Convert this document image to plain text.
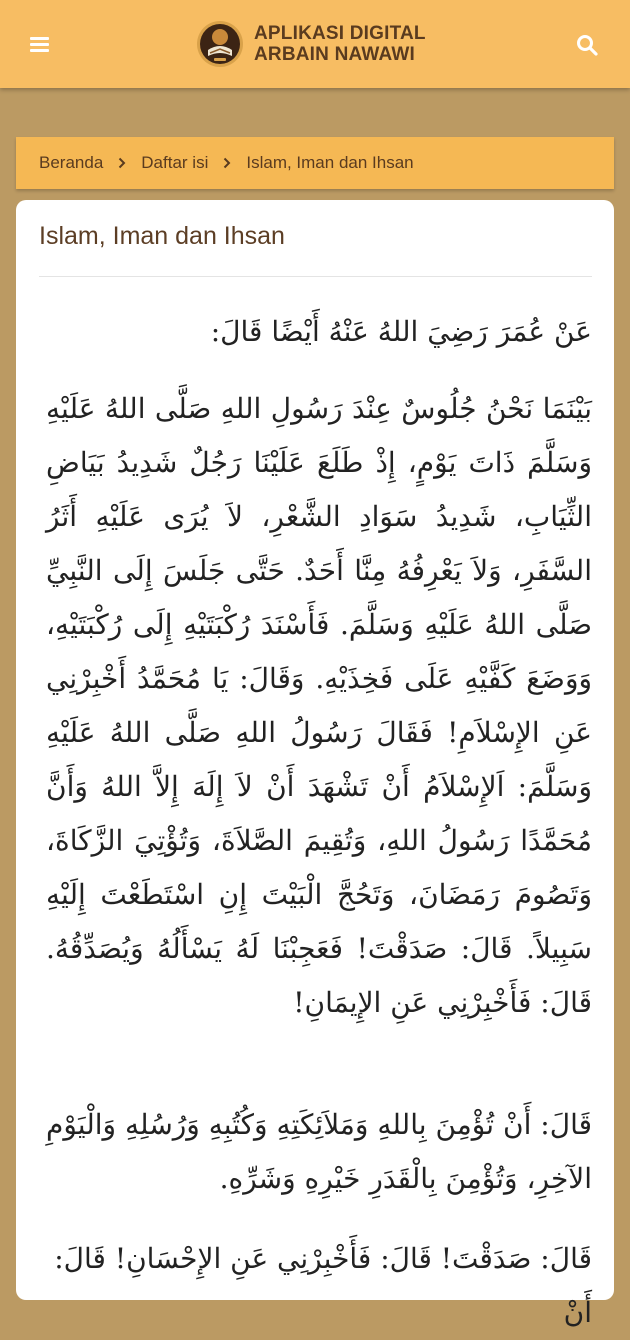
APLIKASI DIGITAL
ARBAIN NAWAWI
Beranda Daftar isi Islam, Iman dan Ihsan
Islam, Iman dan Ihsan

عَنْ عُمَرَ رَضِيَ اللهُ عَنْهُ أَيْضًا قَالَ:

بَيْنَمَا نَحْنُ جُلُوسٌ عِنْدَ رَسُولِ اللهِ صَلَّى اللهُ عَلَيْهِ وَسَلَّمَ ذَاتَ يَوْمٍ، إِذْ طَلَعَ عَلَيْنَا رَجُلٌ شَدِيدُ بَيَاضِ الثِّيَابِ، شَدِيدُ سَوَادِ الشَّعْرِ، لاَ يُرَى عَلَيْهِ أَثَرُ السَّفَرِ، وَلاَ يَعْرِفُهُ مِنَّا أَحَدٌ. حَتَّى جَلَسَ إِلَى النَّبِيِّ صَلَّى اللهُ عَلَيْهِ وَسَلَّمَ. فَأَسْنَدَ رُكْبَتَيْهِ إِلَى رُكْبَتَيْهِ، وَوَضَعَ كَفَّيْهِ عَلَى فَخِذَيْهِ. وَقَالَ: يَا مُحَمَّدُ أَخْبِرْنِي عَنِ الإِسْلاَمِ! فَقَالَ رَسُولُ اللهِ صَلَّى اللهُ عَلَيْهِ وَسَلَّمَ: اَلإِسْلاَمُ أَنْ تَشْهَدَ أَنْ لاَ إِلَهَ إِلاَّ اللهُ وَأَنَّ مُحَمَّدًا رَسُولُ اللهِ، وَتُقِيمَ الصَّلاَةَ، وَتُؤْتِيَ الزَّكَاةَ، وَتَصُومَ رَمَضَانَ، وَتَحُجَّ الْبَيْتَ إِنِ اسْتَطَعْتَ إِلَيْهِ سَبِيلاً. قَالَ: صَدَقْتَ! فَعَجِبْنَا لَهُ يَسْأَلُهُ وَيُصَدِّقُهُ. قَالَ: فَأَخْبِرْنِي عَنِ الإِيمَانِ!

قَالَ: أَنْ تُؤْمِنَ بِاللهِ وَمَلاَئِكَتِهِ وَكُتُبِهِ وَرُسُلِهِ وَالْيَوْمِ الآخِرِ، وَتُؤْمِنَ بِالْقَدَرِ خَيْرِهِ وَشَرِّهِ.

قَالَ: صَدَقْتَ! قَالَ: فَأَخْبِرْنِي عَنِ الإِحْسَانِ! قَالَ: أَنْ
